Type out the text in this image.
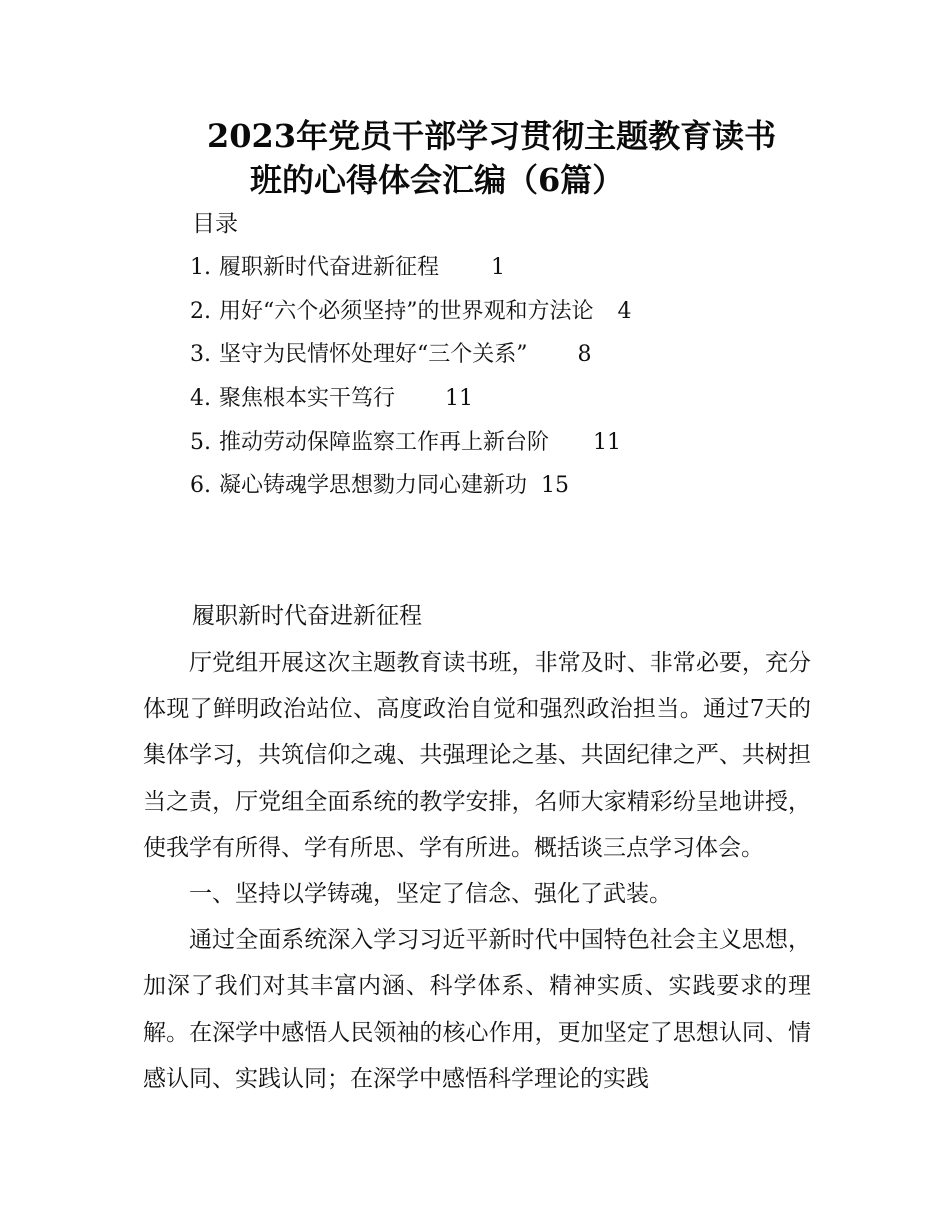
2023年党员干部学习贯彻主题教育读书
班的心得体会汇编（6篇）
目录
1. 履职新时代奋进新征程 1
2. 用好“六个必须坚持”的世界观和方法论 4
3. 坚守为民情怀处理好“三个关系” 8
4. 聚焦根本实干笃行 11
5. 推动劳动保障监察工作再上新台阶 11
6. 凝心铸魂学思想勠力同心建新功 15
履职新时代奋进新征程

厅党组开展这次主题教育读书班，非常及时、非常必要，充分体现了鲜明政治站位、高度政治自觉和强烈政治担当。通过7天的集体学习，共筑信仰之魂、共强理论之基、共固纪律之严、共树担当之责，厅党组全面系统的教学安排，名师大家精彩纷呈地讲授，使我学有所得、学有所思、学有所进。概括谈三点学习体会。

一、坚持以学铸魂，坚定了信念、强化了武装。

通过全面系统深入学习习近平新时代中国特色社会主义思想，加深了我们对其丰富内涵、科学体系、精神实质、实践要求的理解。在深学中感悟人民领袖的核心作用，更加坚定了思想认同、情感认同、实践认同；在深学中感悟科学理论的实践
